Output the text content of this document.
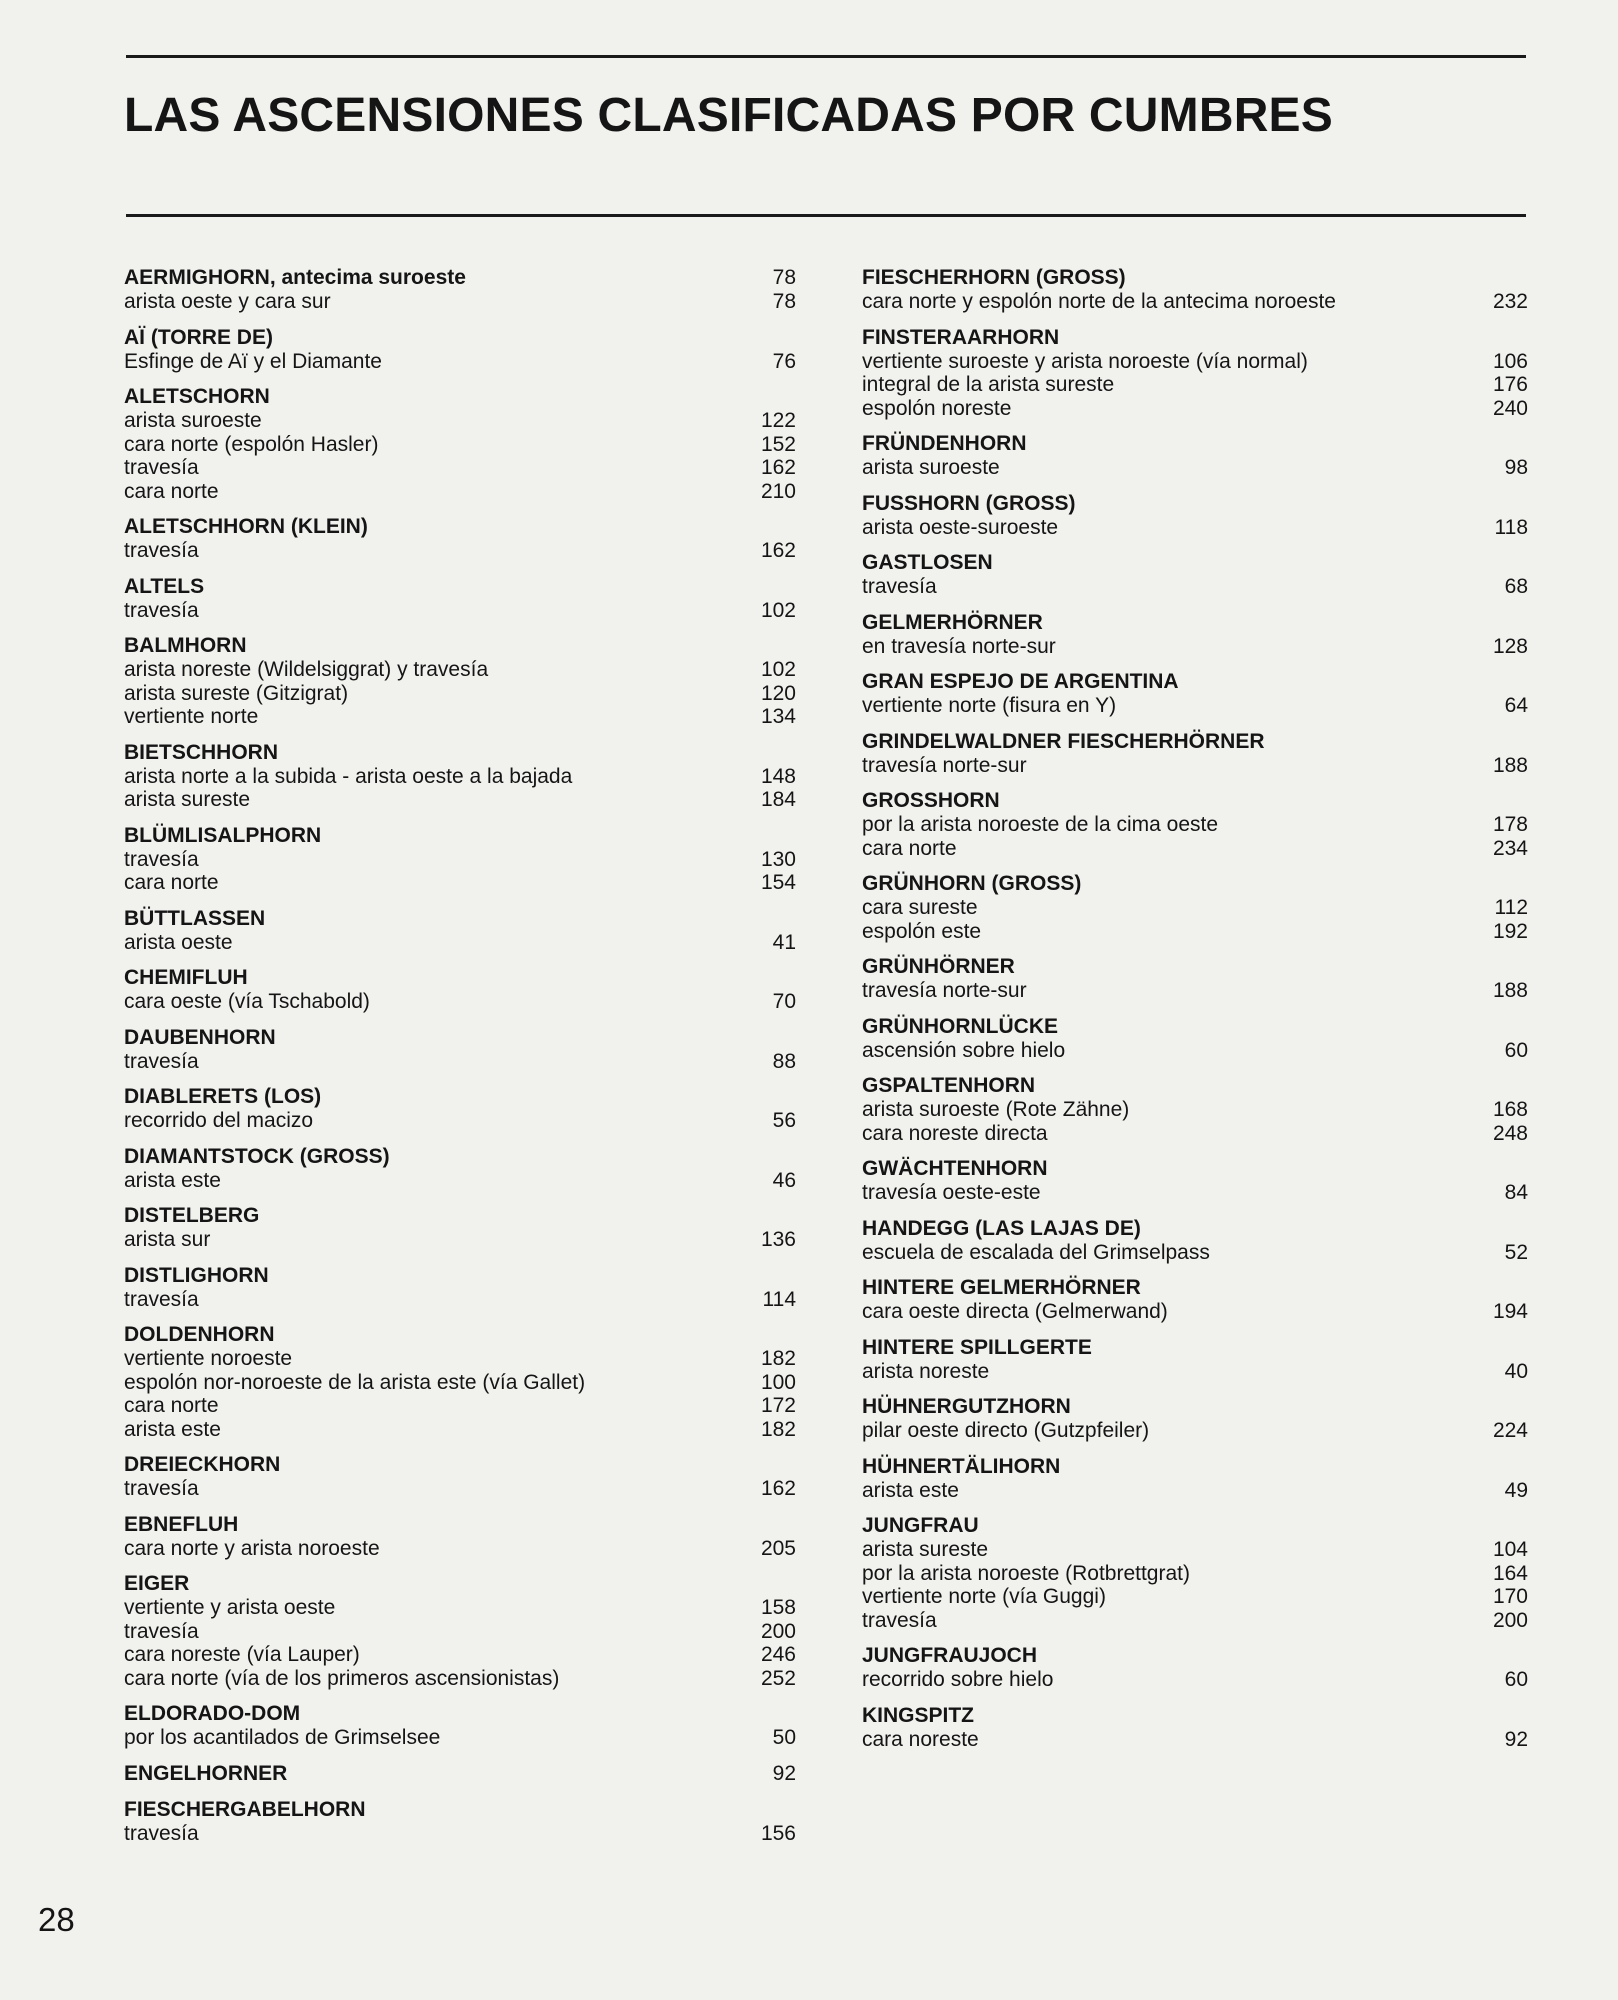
LAS ASCENSIONES CLASIFICADAS POR CUMBRES
AERMIGHORN, antecima suroeste	78
arista oeste y cara sur	78
AÏ (TORRE DE)
Esfinge de Aï y el Diamante	76
ALETSCHORN
arista suroeste	122
cara norte (espolón Hasler)	152
travesía	162
cara norte	210
ALETSCHHORN (KLEIN)
travesía	162
ALTELS
travesía	102
BALMHORN
arista noreste (Wildelsiggrat) y travesía	102
arista sureste (Gitzigrat)	120
vertiente norte	134
BIETSCHHORN
arista norte a la subida - arista oeste a la bajada	148
arista sureste	184
BLÜMLISALPHORN
travesía	130
cara norte	154
BÜTTLASSEN
arista oeste	41
CHEMIFLUH
cara oeste (vía Tschabold)	70
DAUBENHORN
travesía	88
DIABLERETS (LOS)
recorrido del macizo	56
DIAMANTSTOCK (GROSS)
arista este	46
DISTELBERG
arista sur	136
DISTLIGHORN
travesía	114
DOLDENHORN
vertiente noroeste	182
espolón nor-noroeste de la arista este (vía Gallet)	100
cara norte	172
arista este	182
DREIECKHORN
travesía	162
EBNEFLUH
cara norte y arista noroeste	205
EIGER
vertiente y arista oeste	158
travesía	200
cara noreste (vía Lauper)	246
cara norte (vía de los primeros ascensionistas)	252
ELDORADO-DOM
por los acantilados de Grimselsee	50
ENGELHORNER	92
FIESCHERGABELHORN
travesía	156
FIESCHERHORN (GROSS)
cara norte y espolón norte de la antecima noroeste	232
FINSTERAARHORN
vertiente suroeste y arista noroeste (vía normal)	106
integral de la arista sureste	176
espolón noreste	240
FRÜNDENHORN
arista suroeste	98
FUSSHORN (GROSS)
arista oeste-suroeste	118
GASTLOSEN
travesía	68
GELMERHÖRNER
en travesía norte-sur	128
GRAN ESPEJO DE ARGENTINA
vertiente norte (fisura en Y)	64
GRINDELWALDNER FIESCHERHÖRNER
travesía norte-sur	188
GROSSHORN
por la arista noroeste de la cima oeste	178
cara norte	234
GRÜNHORN (GROSS)
cara sureste	112
espolón este	192
GRÜNHÖRNER
travesía norte-sur	188
GRÜNHORNLÜCKE
ascensión sobre hielo	60
GSPALTENHORN
arista suroeste (Rote Zähne)	168
cara noreste directa	248
GWÄCHTENHORN
travesía oeste-este	84
HANDEGG (LAS LAJAS DE)
escuela de escalada del Grimselpass	52
HINTERE GELMERHÖRNER
cara oeste directa (Gelmerwand)	194
HINTERE SPILLGERTE
arista noreste	40
HÜHNERGUTZHORN
pilar oeste directo (Gutzpfeiler)	224
HÜHNERTÄLIHORN
arista este	49
JUNGFRAU
arista sureste	104
por la arista noroeste (Rotbrettgrat)	164
vertiente norte (vía Guggi)	170
travesía	200
JUNGFRAUJOCH
recorrido sobre hielo	60
KINGSPITZ
cara noreste	92
28
